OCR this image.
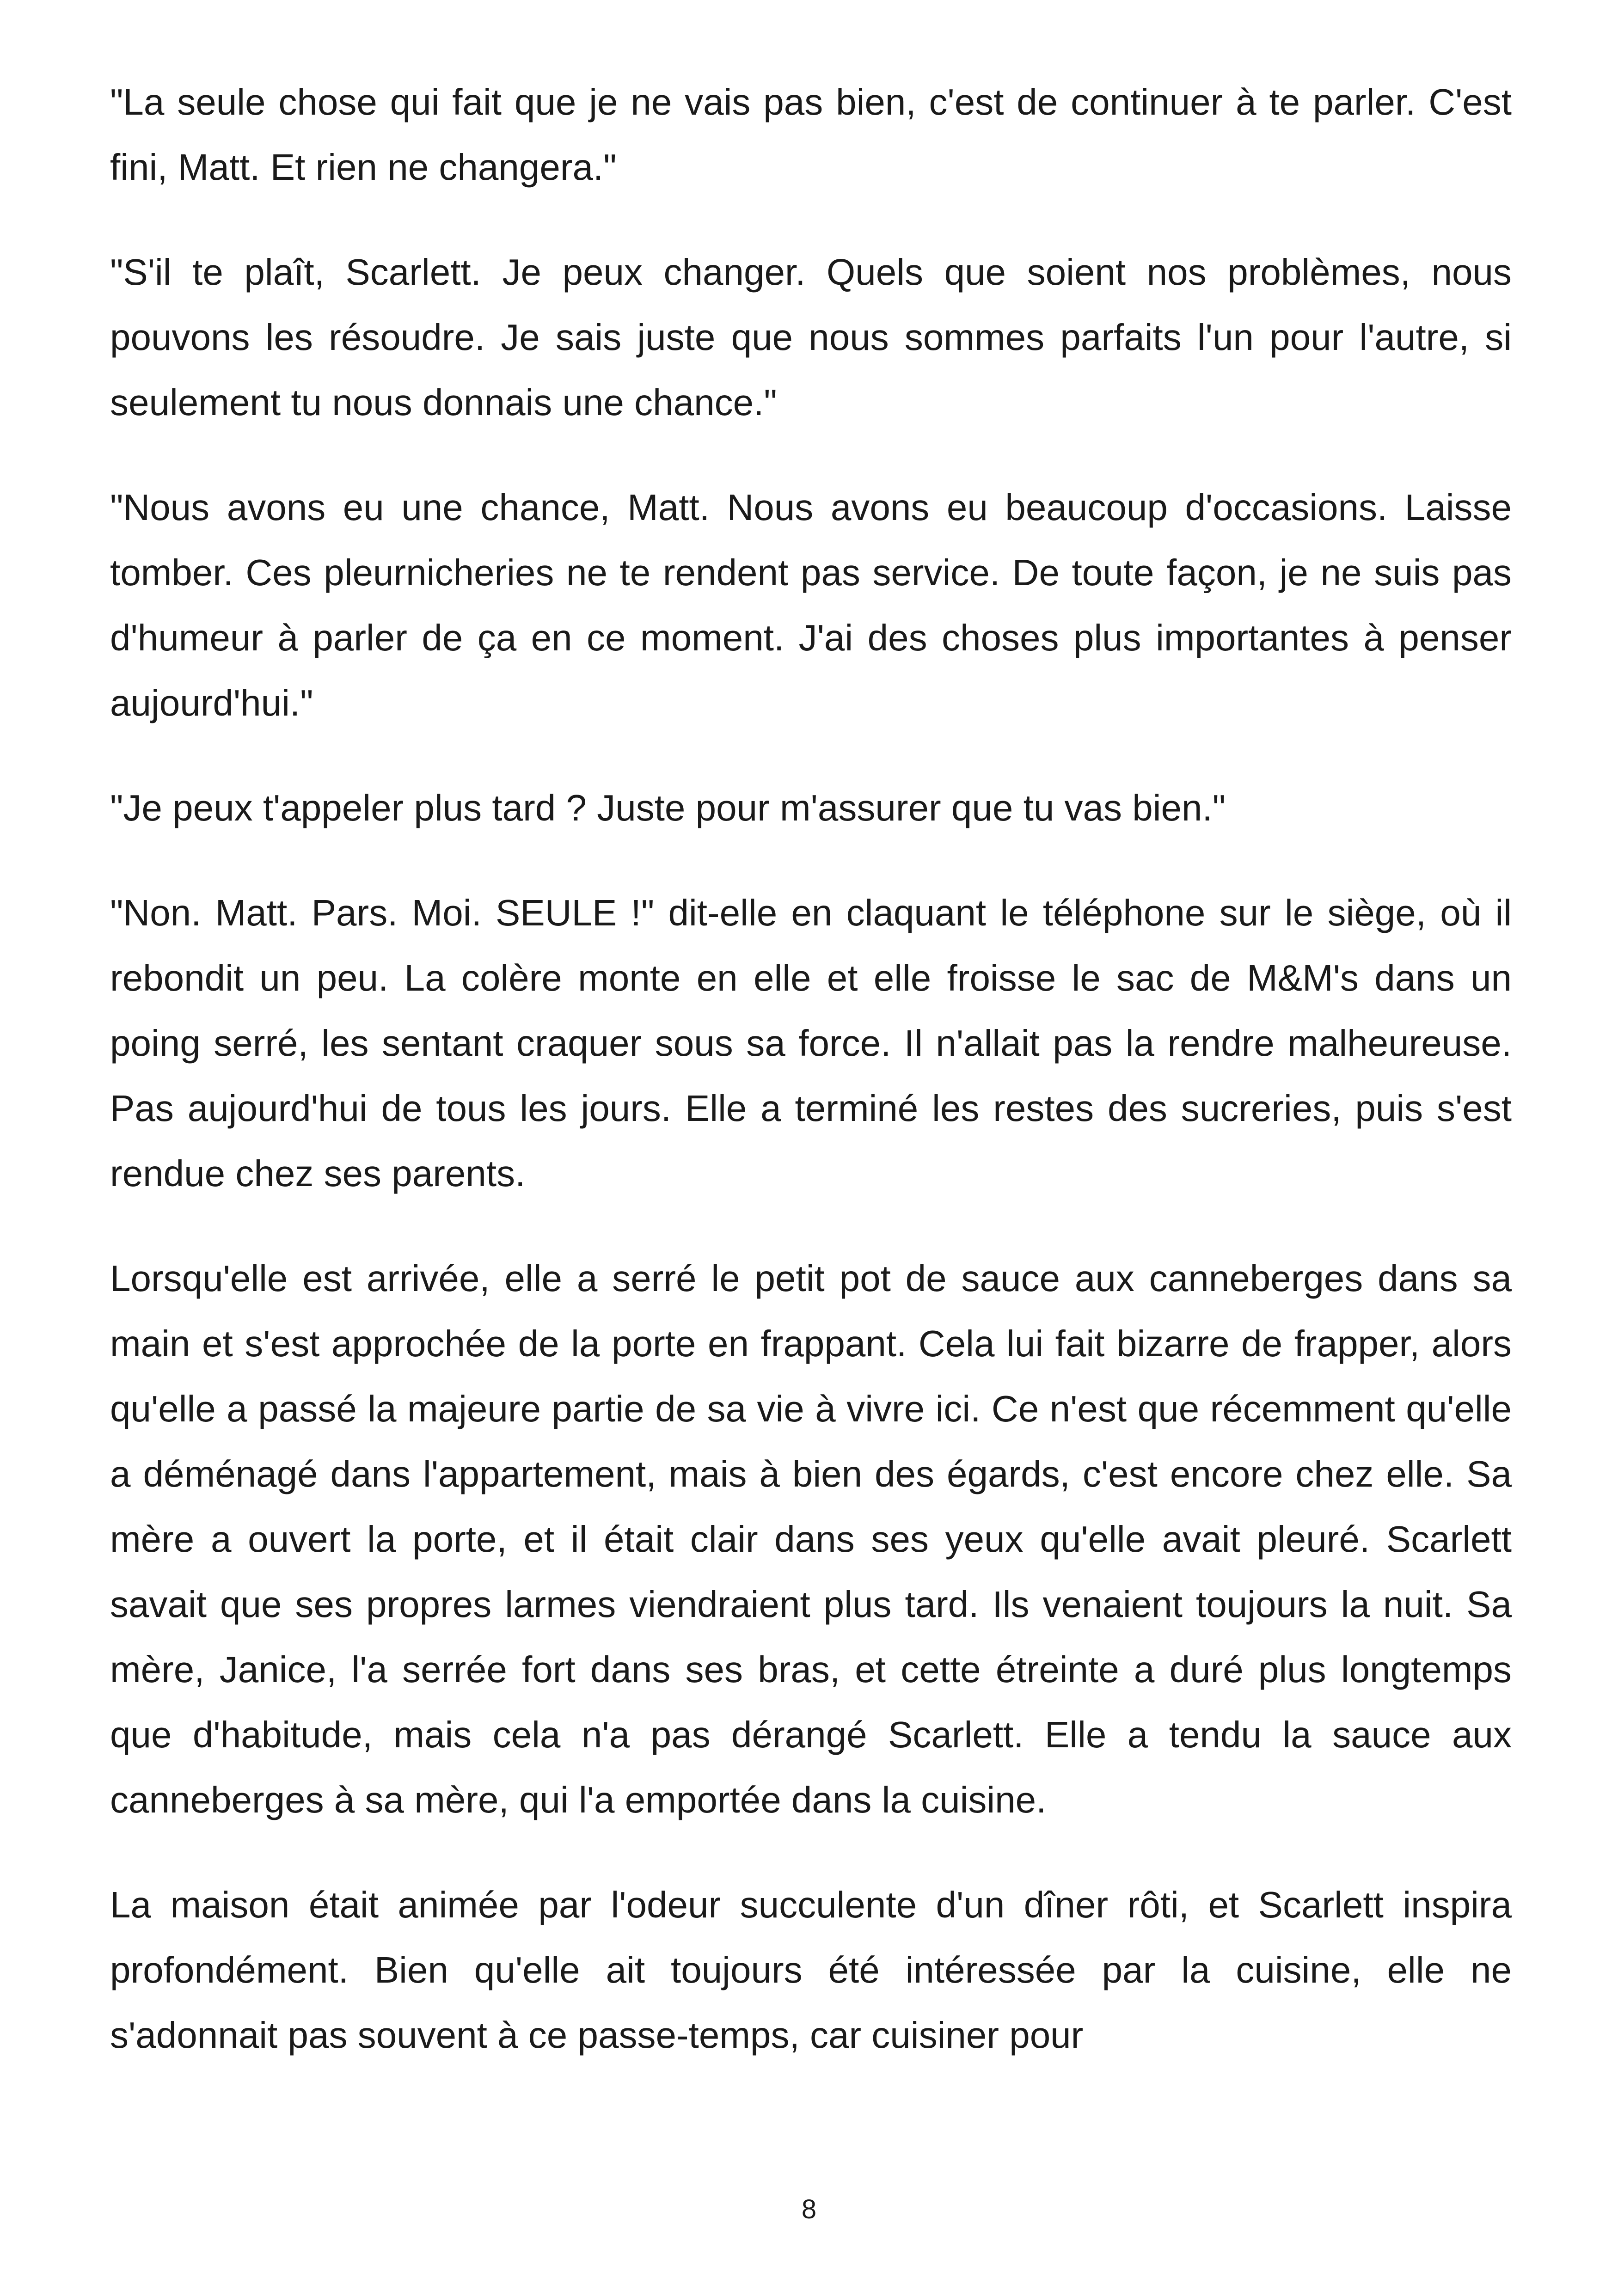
"La seule chose qui fait que je ne vais pas bien, c'est de continuer à te parler. C'est fini, Matt. Et rien ne changera."

"S'il te plaît, Scarlett. Je peux changer. Quels que soient nos problèmes, nous pouvons les résoudre. Je sais juste que nous sommes parfaits l'un pour l'autre, si seulement tu nous donnais une chance."

"Nous avons eu une chance, Matt. Nous avons eu beaucoup d'occasions. Laisse tomber. Ces pleurnicheries ne te rendent pas service. De toute façon, je ne suis pas d'humeur à parler de ça en ce moment. J'ai des choses plus importantes à penser aujourd'hui."

"Je peux t'appeler plus tard ? Juste pour m'assurer que tu vas bien."

"Non. Matt. Pars. Moi. SEULE !" dit-elle en claquant le téléphone sur le siège, où il rebondit un peu. La colère monte en elle et elle froisse le sac de M&M's dans un poing serré, les sentant craquer sous sa force. Il n'allait pas la rendre malheureuse. Pas aujourd'hui de tous les jours. Elle a terminé les restes des sucreries, puis s'est rendue chez ses parents.

Lorsqu'elle est arrivée, elle a serré le petit pot de sauce aux canneberges dans sa main et s'est approchée de la porte en frappant. Cela lui fait bizarre de frapper, alors qu'elle a passé la majeure partie de sa vie à vivre ici. Ce n'est que récemment qu'elle a déménagé dans l'appartement, mais à bien des égards, c'est encore chez elle. Sa mère a ouvert la porte, et il était clair dans ses yeux qu'elle avait pleuré. Scarlett savait que ses propres larmes viendraient plus tard. Ils venaient toujours la nuit. Sa mère, Janice, l'a serrée fort dans ses bras, et cette étreinte a duré plus longtemps que d'habitude, mais cela n'a pas dérangé Scarlett. Elle a tendu la sauce aux canneberges à sa mère, qui l'a emportée dans la cuisine.

La maison était animée par l'odeur succulente d'un dîner rôti, et Scarlett inspira profondément. Bien qu'elle ait toujours été intéressée par la cuisine, elle ne s'adonnait pas souvent à ce passe-temps, car cuisiner pour

8
